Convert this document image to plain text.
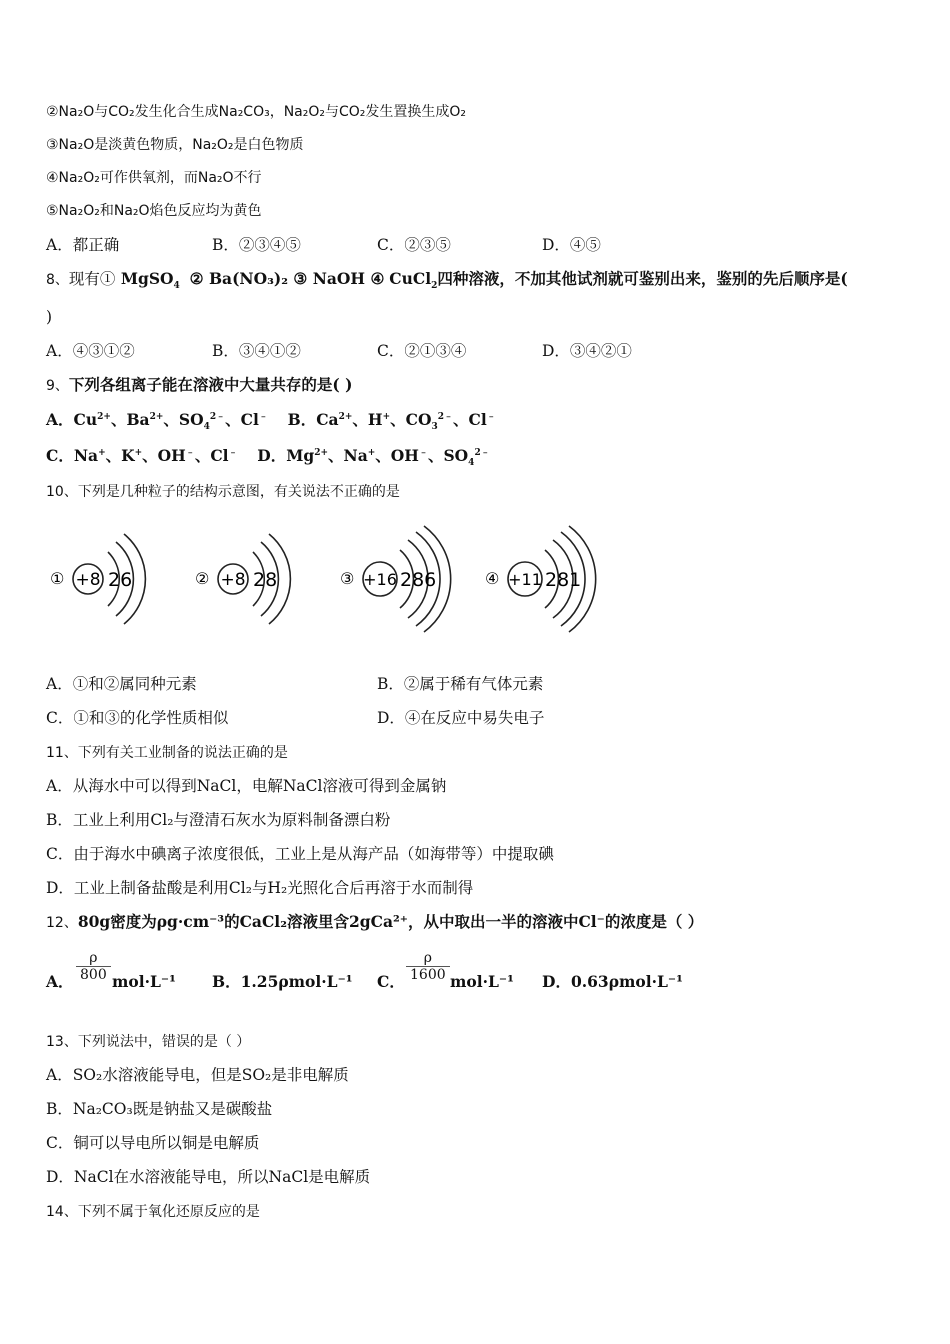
②Na₂O与CO₂发生化合生成Na₂CO₃，Na₂O₂与CO₂发生置换生成O₂
③Na₂O是淡黄色物质，Na₂O₂是白色物质
④Na₂O₂可作供氧剂，而Na₂O不行
⑤Na₂O₂和Na₂O焰色反应均为黄色
A．都正确	B．②③④⑤	C．②③⑤	D．④⑤
8、现有① MgSO$_4$ ② Ba(NO₃)₂ ③ NaOH ④ CuCl$_2$四种溶液，不加其他试剂就可鉴别出来，鉴别的先后顺序是(
)
A．④③①②	B．③④①②	C．②①③④	D．③④②①
9、下列各组离子能在溶液中大量共存的是( )
A．$Cu^{2+}$、$Ba^{2+}$、$SO_4^{2﹣}$、Cl﹣ B．$Ca^{2+}$、H+、$CO_3^{2﹣}$、Cl﹣
C．Na+、K+、OH﹣、Cl﹣ D．$Mg^{2+}$、Na+、OH﹣、$SO_4^{2﹣}$
10、下列是几种粒子的结构示意图，有关说法不正确的是
① +8 26	② +8 28	③ +16 286	④ +11 281
A．①和②属同种元素	B．②属于稀有气体元素
C．①和③的化学性质相似	D．④在反应中易失电子
11、下列有关工业制备的说法正确的是
A．从海水中可以得到NaCl，电解NaCl溶液可得到金属钠
B．工业上利用Cl₂与澄清石灰水为原料制备漂白粉
C．由于海水中碘离子浓度很低，工业上是从海产品（如海带等）中提取碘
D．工业上制备盐酸是利用Cl₂与H₂光照化合后再溶于水而制得
12、80g密度为ρg·cm⁻³的CaCl₂溶液里含2gCa²⁺，从中取出一半的溶液中Cl⁻的浓度是（ ）
A． $\frac{\rho}{800} mol\cdot L^{-1}$ B．1.25ρmol·L⁻¹ C． $\frac{\rho}{1600} mol\cdot L^{-1}$ D．0.63ρmol·L⁻¹
13、下列说法中，错误的是（ ）
A．SO₂水溶液能导电，但是SO₂是非电解质
B．Na₂CO₃既是钠盐又是碳酸盐
C．铜可以导电所以铜是电解质
D．NaCl在水溶液能导电，所以NaCl是电解质
14、下列不属于氧化还原反应的是
